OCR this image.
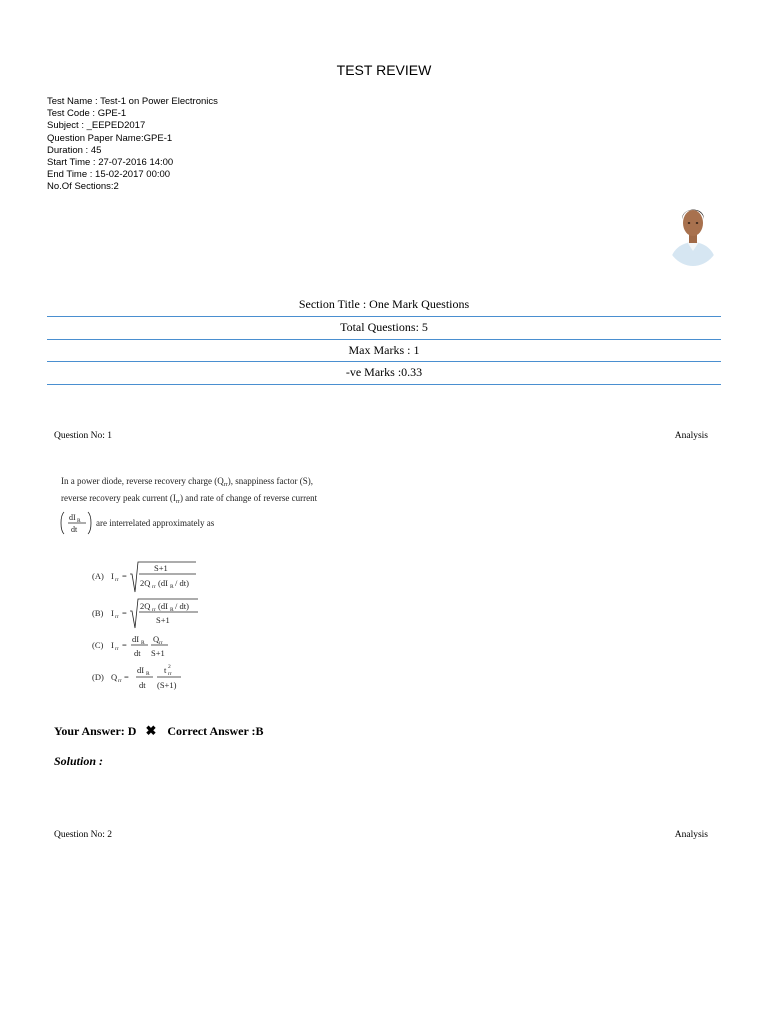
TEST REVIEW
Test Name : Test-1 on Power Electronics
Test Code : GPE-1
Subject : _EEPED2017
Question Paper Name:GPE-1
Duration : 45
Start Time : 27-07-2016 14:00
End Time : 15-02-2017 00:00
No.Of Sections:2
Section Title : One Mark Questions
Total Questions: 5
Max Marks : 1
-ve Marks :0.33
Question No: 1	Analysis
In a power diode, reverse recovery charge $(Q_{rr})$, snappiness factor (S),
reverse recovery peak current $(I_{rr})$ and rate of change of reverse current
dI R
dt
are interrelated approximately as
(A) I rr =
S+1
2Q rr (dI R / dt)
(B) I rr =
2Q rr (dI R / dt)
S+1
(C) I rr =
dI R
dt
Q rr
S+1
(D) Q rr =
dI R
dt
t rr
2
(S+1)
Your Answer: D ✖ Correct Answer :B
Solution :
Question No: 2	Analysis
